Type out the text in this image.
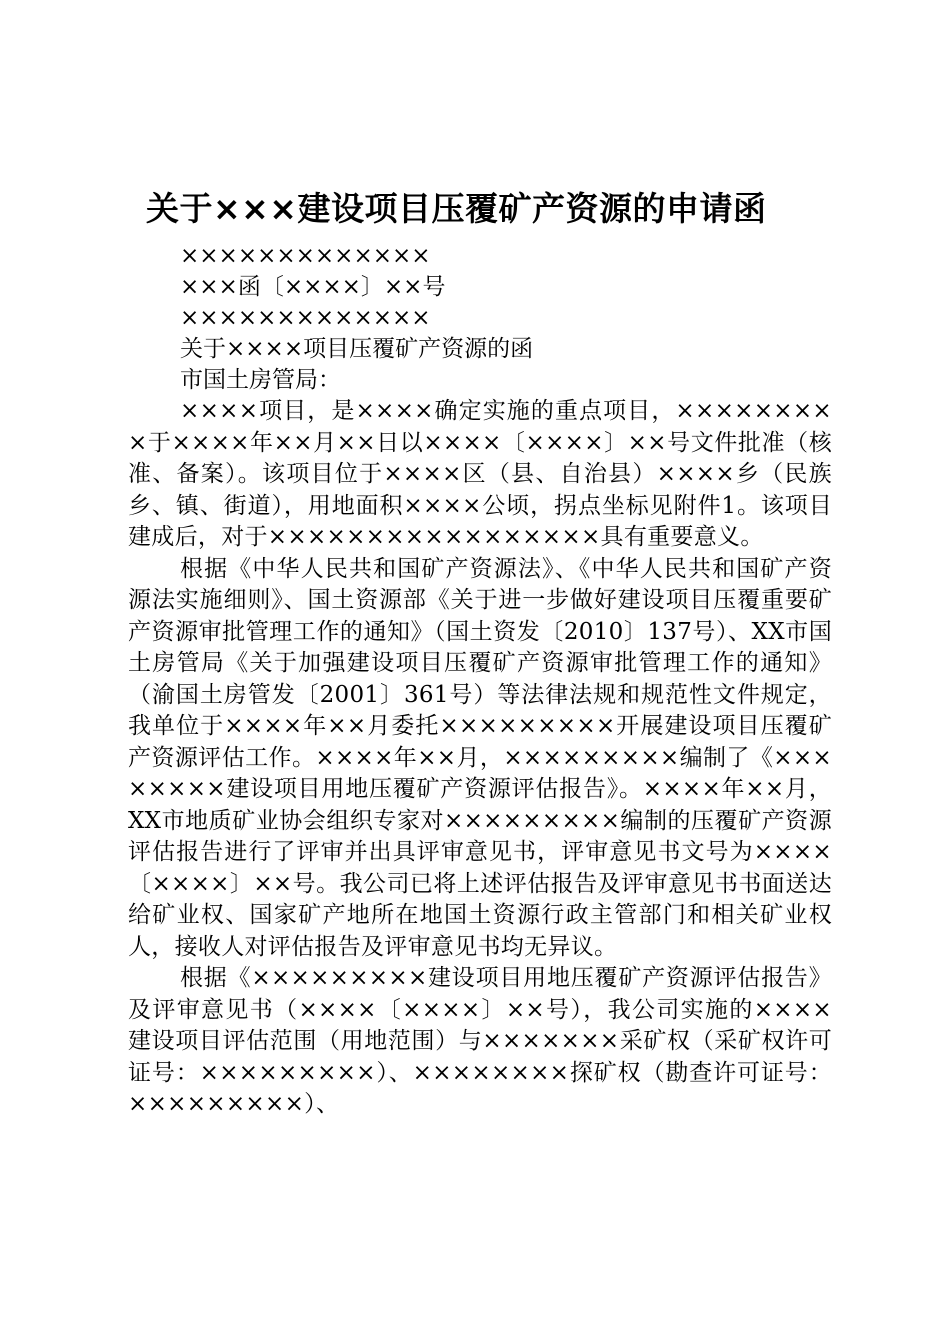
关于×××建设项目压覆矿产资源的申请函

×××××××××××××

×××函〔××××〕××号

×××××××××××××

关于××××项目压覆矿产资源的函

市国土房管局：

××××项目，是××××确定实施的重点项目，×××××××××于××××年××月××日以××××〔××××〕××号文件批准（核准、备案）。该项目位于××××区（县、自治县）××××乡（民族乡、镇、街道），用地面积××××公顷，拐点坐标见附件1。该项目建成后，对于×××××××××××××××××具有重要意义。

根据《中华人民共和国矿产资源法》、《中华人民共和国矿产资源法实施细则》、国土资源部《关于进一步做好建设项目压覆重要矿产资源审批管理工作的通知》（国土资发〔2010〕137号）、XX市国土房管局《关于加强建设项目压覆矿产资源审批管理工作的通知》（渝国土房管发〔2001〕361号）等法律法规和规范性文件规定，我单位于××××年××月委托×××××××××开展建设项目压覆矿产资源评估工作。××××年××月，×××××××××编制了《××××××××建设项目用地压覆矿产资源评估报告》。××××年××月，XX市地质矿业协会组织专家对×××××××××编制的压覆矿产资源评估报告进行了评审并出具评审意见书，评审意见书文号为××××〔××××〕××号。我公司已将上述评估报告及评审意见书书面送达给矿业权、国家矿产地所在地国土资源行政主管部门和相关矿业权人，接收人对评估报告及评审意见书均无异议。

根据《×××××××××建设项目用地压覆矿产资源评估报告》及评审意见书（××××〔××××〕××号），我公司实施的××××建设项目评估范围（用地范围）与×××××××采矿权（采矿权许可证号：×××××××××）、××××××××探矿权（勘查许可证号：×××××××××）、
